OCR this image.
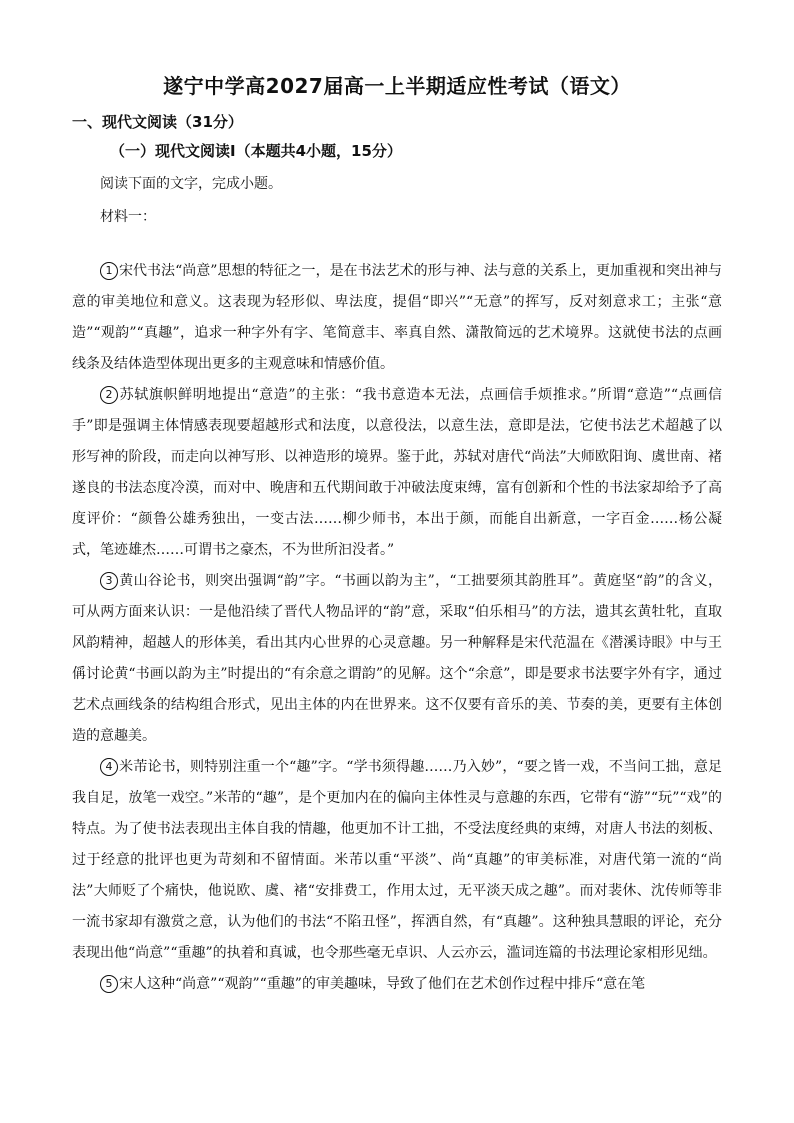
遂宁中学高2027届高一上半期适应性考试（语文）
一、现代文阅读（31分）
（一）现代文阅读Ⅰ（本题共4小题，15分）
阅读下面的文字，完成小题。
材料一：

1 宋代书法“尚意”思想的特征之一，是在书法艺术的形与神、法与意的关系上，更加重视和突出神与意的审美地位和意义。这表现为轻形似、卑法度，提倡“即兴”“无意”的挥写，反对刻意求工；主张“意造”“观韵”“真趣”，追求一种字外有字、笔简意丰、率真自然、潇散简远的艺术境界。这就使书法的点画线条及结体造型体现出更多的主观意味和情感价值。

2 苏轼旗帜鲜明地提出“意造”的主张：“我书意造本无法，点画信手烦推求。”所谓“意造”“点画信手”即是强调主体情感表现要超越形式和法度，以意役法，以意生法，意即是法，它使书法艺术超越了以形写神的阶段，而走向以神写形、以神造形的境界。鉴于此，苏轼对唐代“尚法”大师欧阳询、虞世南、褚遂良的书法态度冷漠，而对中、晚唐和五代期间敢于冲破法度束缚，富有创新和个性的书法家却给予了高度评价：“颜鲁公雄秀独出，一变古法……柳少师书，本出于颜，而能自出新意，一字百金……杨公凝式，笔迹雄杰……可谓书之豪杰，不为世所汩没者。”

3 黄山谷论书，则突出强调“韵”字。“书画以韵为主”，“工拙要须其韵胜耳”。黄庭坚“韵”的含义，可从两方面来认识：一是他沿续了晋代人物品评的“韵”意，采取“伯乐相马”的方法，遗其玄黄牡牝，直取风韵精神，超越人的形体美，看出其内心世界的心灵意趣。另一种解释是宋代范温在《潜溪诗眼》中与王偁讨论黄“书画以韵为主”时提出的“有余意之谓韵”的见解。这个“余意”，即是要求书法要字外有字，通过艺术点画线条的结构组合形式，见出主体的内在世界来。这不仅要有音乐的美、节奏的美，更要有主体创造的意趣美。

4 米芾论书，则特别注重一个“趣”字。“学书须得趣……乃入妙”，“要之皆一戏，不当问工拙，意足我自足，放笔一戏空。”米芾的“趣”，是个更加内在的偏向主体性灵与意趣的东西，它带有“游”“玩”“戏”的特点。为了使书法表现出主体自我的情趣，他更加不计工拙，不受法度经典的束缚，对唐人书法的刻板、过于经意的批评也更为苛刻和不留情面。米芾以重“平淡”、尚“真趣”的审美标准，对唐代第一流的“尚法”大师贬了个痛快，他说欧、虞、褚“安排费工，作用太过，无平淡天成之趣”。而对裴休、沈传师等非一流书家却有激赏之意，认为他们的书法“不陷丑怪”，挥洒自然，有“真趣”。这种独具慧眼的评论，充分表现出他“尚意”“重趣”的执着和真诚，也令那些毫无卓识、人云亦云，滥词连篇的书法理论家相形见绌。

5 宋人这种“尚意”“观韵”“重趣”的审美趣味，导致了他们在艺术创作过程中排斥“意在笔
